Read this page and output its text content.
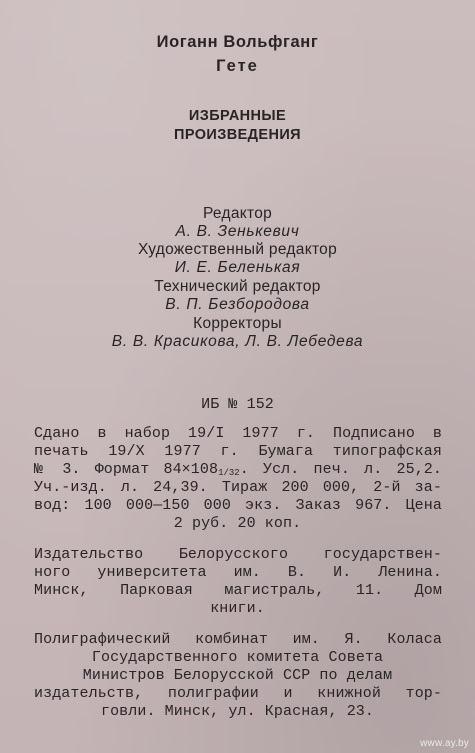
Иоганн Вольфганг
Гете
ИЗБРАННЫЕ
ПРОИЗВЕДЕНИЯ
Редактор
А. В. Зенькевич
Художественный редактор
И. Е. Беленькая
Технический редактор
В. П. Безбородова
Корректоры
В. В. Красикова, Л. В. Лебедева
ИБ № 152
Сдано в набор 19/I 1977 г. Подписано в
печать 19/X 1977 г. Бумага типографская
№ 3. Формат $84\times 108_{1/32}$. Усл. печ. л. 25,2.
Уч.-изд. л. 24,39. Тираж 200 000, 2-й за-
вод: 100 000—150 000 экз. Заказ 967. Цена
2 руб. 20 коп.
Издательство Белорусского государствен-
ного университета им. В. И. Ленина.
Минск, Парковая магистраль, 11. Дом
книги.
Полиграфический комбинат им. Я. Коласа
Государственного комитета Совета
Министров Белорусской ССР по делам
издательств, полиграфии и книжной тор-
говли. Минск, ул. Красная, 23.
www.ay.by
